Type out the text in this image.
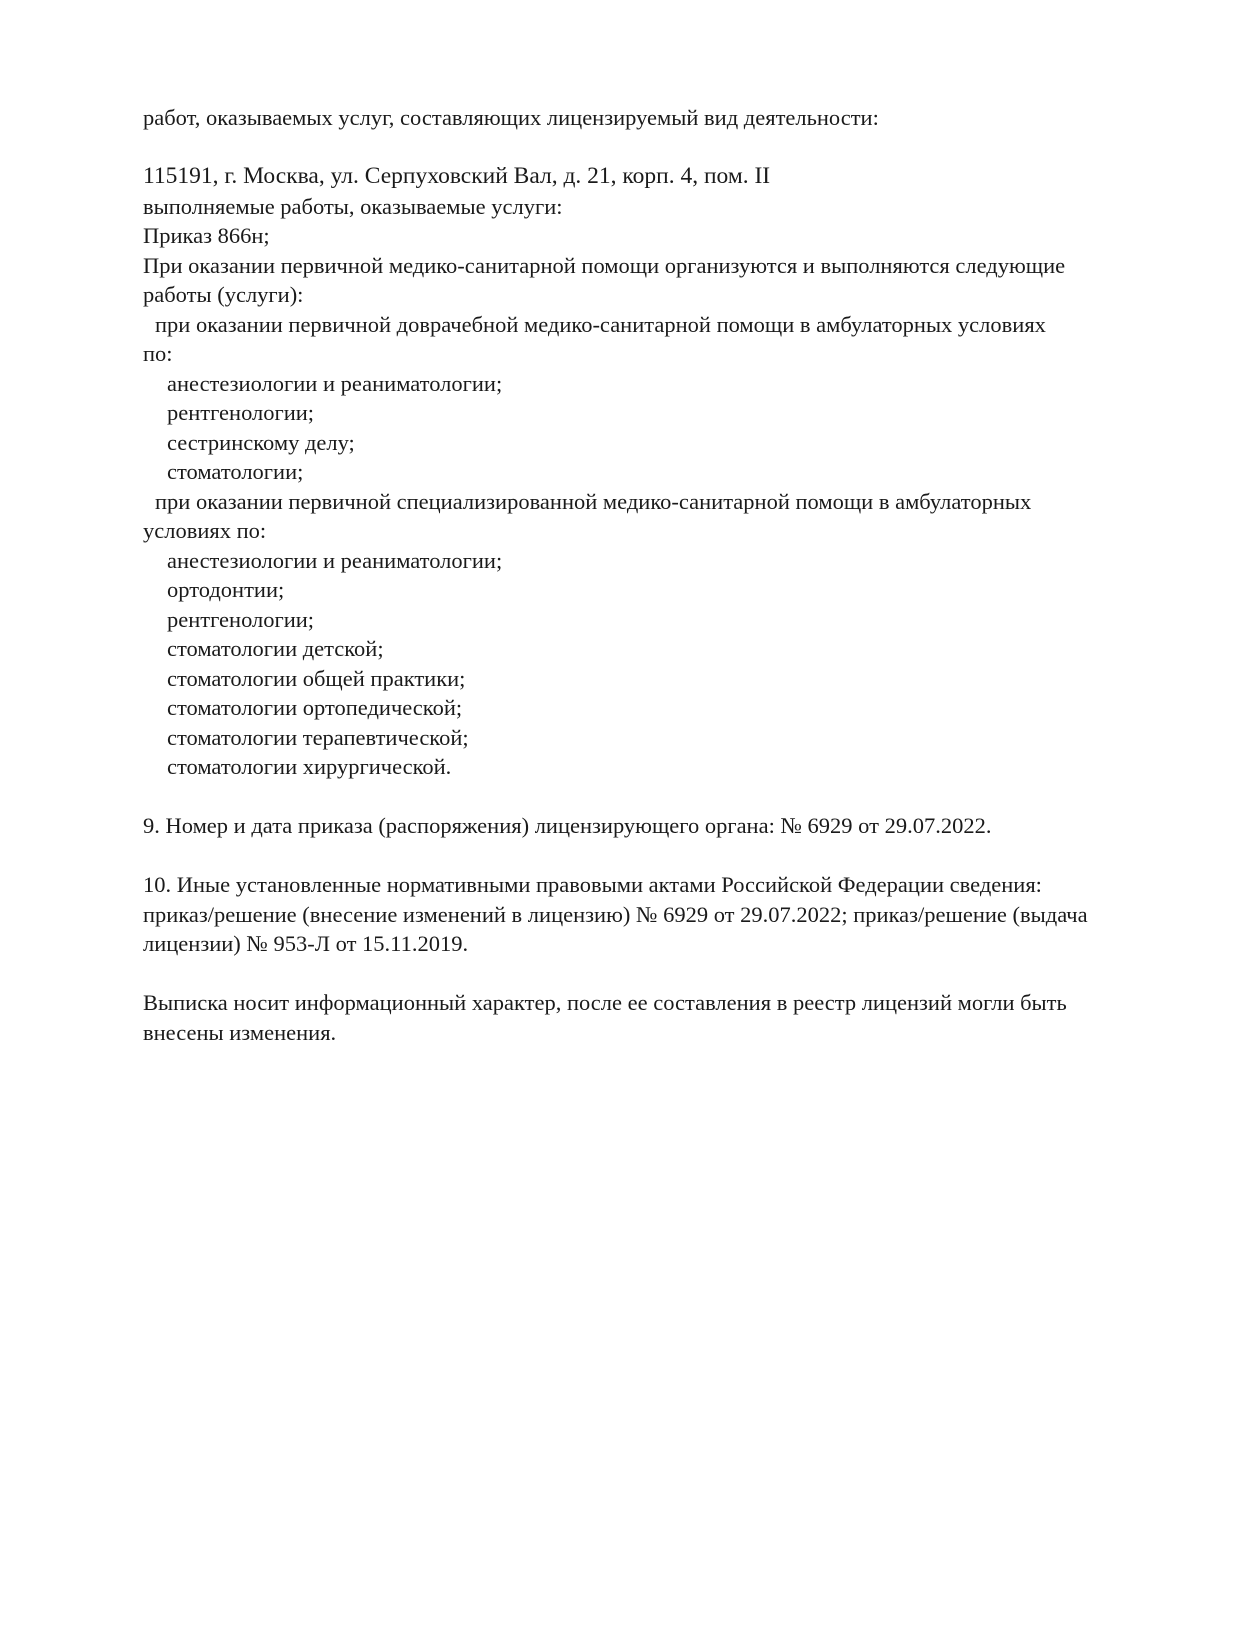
работ, оказываемых услуг, составляющих лицензируемый вид деятельности:
115191, г. Москва, ул. Серпуховский Вал, д. 21, корп. 4, пом. II
выполняемые работы, оказываемые услуги:
Приказ 866н;
При оказании первичной медико-санитарной помощи организуются и выполняются следующие
работы (услуги):
при оказании первичной доврачебной медико-санитарной помощи в амбулаторных условиях
по:
анестезиологии и реаниматологии;
рентгенологии;
сестринскому делу;
стоматологии;
при оказании первичной специализированной медико-санитарной помощи в амбулаторных
условиях по:
анестезиологии и реаниматологии;
ортодонтии;
рентгенологии;
стоматологии детской;
стоматологии общей практики;
стоматологии ортопедической;
стоматологии терапевтической;
стоматологии хирургической.
9. Номер и дата приказа (распоряжения) лицензирующего органа: № 6929 от 29.07.2022.
10. Иные установленные нормативными правовыми актами Российской Федерации сведения:
приказ/решение (внесение изменений в лицензию) № 6929 от 29.07.2022; приказ/решение (выдача
лицензии) № 953-Л от 15.11.2019.
Выписка носит информационный характер, после ее составления в реестр лицензий могли быть
внесены изменения.
